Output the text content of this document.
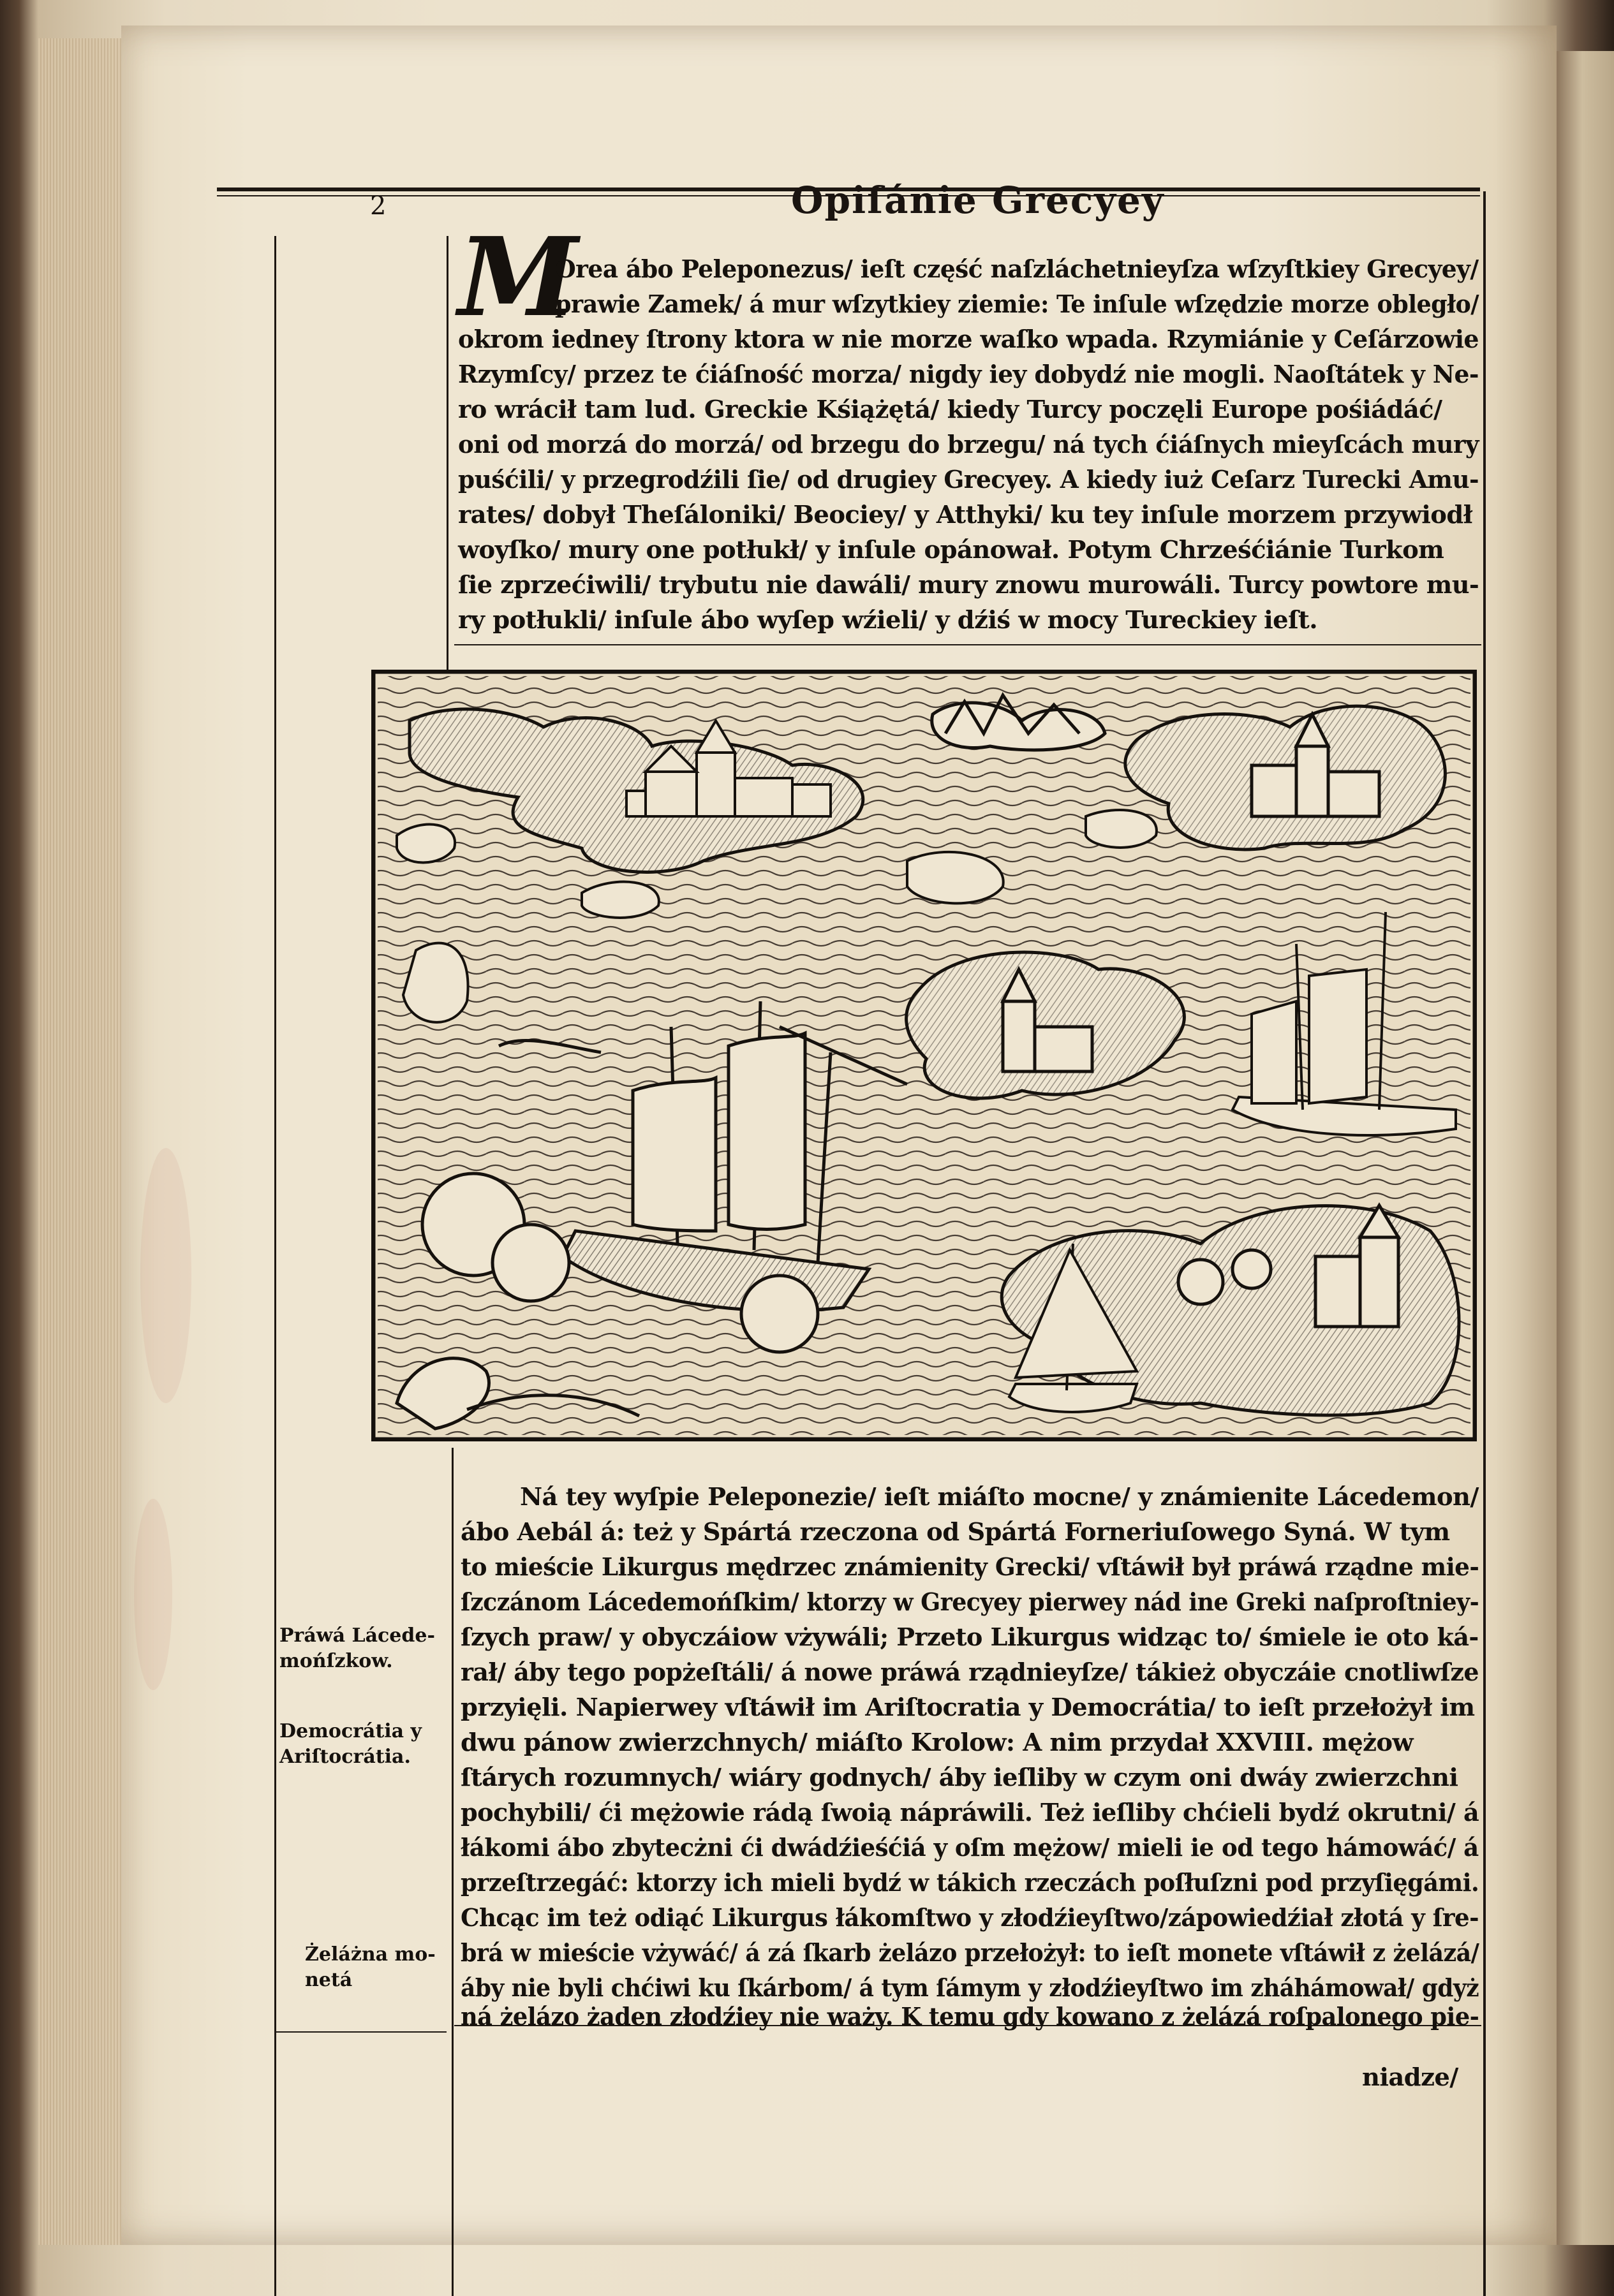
2	Opiſánie Grecyey
M
Orea ábo Peleponezus/ ieſt część naſzláchetnieyſza wſzyſtkiey Grecyey/
prawie Zamek/ á mur wſzytkiey ziemie: Te inſule wſzędzie morze obległo/
okrom iedney ſtrony ktora w nie morze waſko wpada. Rzymiánie y Ceſárzowie
Rzymſcy/ przez te ćiáſność morza/ nigdy iey dobydź nie mogli. Naoſtátek y Ne-
ro wrácił tam lud. Greckie Kśiążętá/ kiedy Turcy poczęli Europe pośiádáć/
oni od morzá do morzá/ od brzegu do brzegu/ ná tych ćiáſnych mieyſcách mury
puśćili/ y przegrodźili ſie/ od drugiey Grecyey. A kiedy iuż Ceſarz Turecki Amu-
rates/ dobył Theſáloniki/ Beociey/ y Atthyki/ ku tey inſule morzem przywiodł
woyſko/ mury one potłukł/ y inſule opánował. Potym Chrześćiánie Turkom
ſie zprzećiwili/ trybutu nie dawáli/ mury znowu murowáli. Turcy powtore mu-
ry potłukli/ inſule ábo wyſep wźieli/ y dźiś w mocy Tureckiey ieſt.
Ná tey wyſpie Peleponezie/ ieſt miáſto mocne/ y známienite Lácedemon/
ábo Aebál á: też y Spártá rzeczona od Spártá Forneriuſowego Syná. W tym
to mieście Likurgus mędrzec známienity Grecki/ vſtáwił był práwá rządne mie-
ſzczánom Lácedemońſkim/ ktorzy w Grecyey pierwey nád ine Greki naſproſtniey-
ſzych praw/ y obyczáiow vżywáli; Przeto Likurgus widząc to/ śmiele ie oto ká-
rał/ áby tego popżeſtáli/ á nowe práwá rządnieyſze/ tákież obyczáie cnotliwſze
przyięli. Napierwey vſtáwił im Ariſtocratia y Democrátia/ to ieſt przełożył im
dwu pánow zwierzchnych/ miáſto Krolow: A nim przydał XXVIII. mężow
ſtárych rozumnych/ wiáry godnych/ áby ieſliby w czym oni dwáy zwierzchni
pochybili/ ći mężowie rádą ſwoią nápráwili. Też ieſliby chćieli bydź okrutni/ á
łákomi ábo zbytecżni ći dwádźieśćiá y oſm mężow/ mieli ie od tego hámowáć/ á
przeſtrzegáć: ktorzy ich mieli bydź w tákich rzeczách poſłuſzni pod przyſięgámi.
Chcąc im też odiąć Likurgus łákomſtwo y złodźieyſtwo/zápowiedźiał złotá y ſre-
brá w mieście vżywáć/ á zá ſkarb żelázo przełożył: to ieſt monete vſtáwił z żelázá/
áby nie byli chćiwi ku ſkárbom/ á tym ſámym y złodźieyſtwo im zháhámował/ gdyż
ná żelázo żaden złodźiey nie waży. K temu gdy kowano z żelázá roſpalonego pie-
Práwá Lácede-
mońſzkow.
Democrátia y
Ariſtocrátia.
Żeláżna mo-
netá
niadze/
